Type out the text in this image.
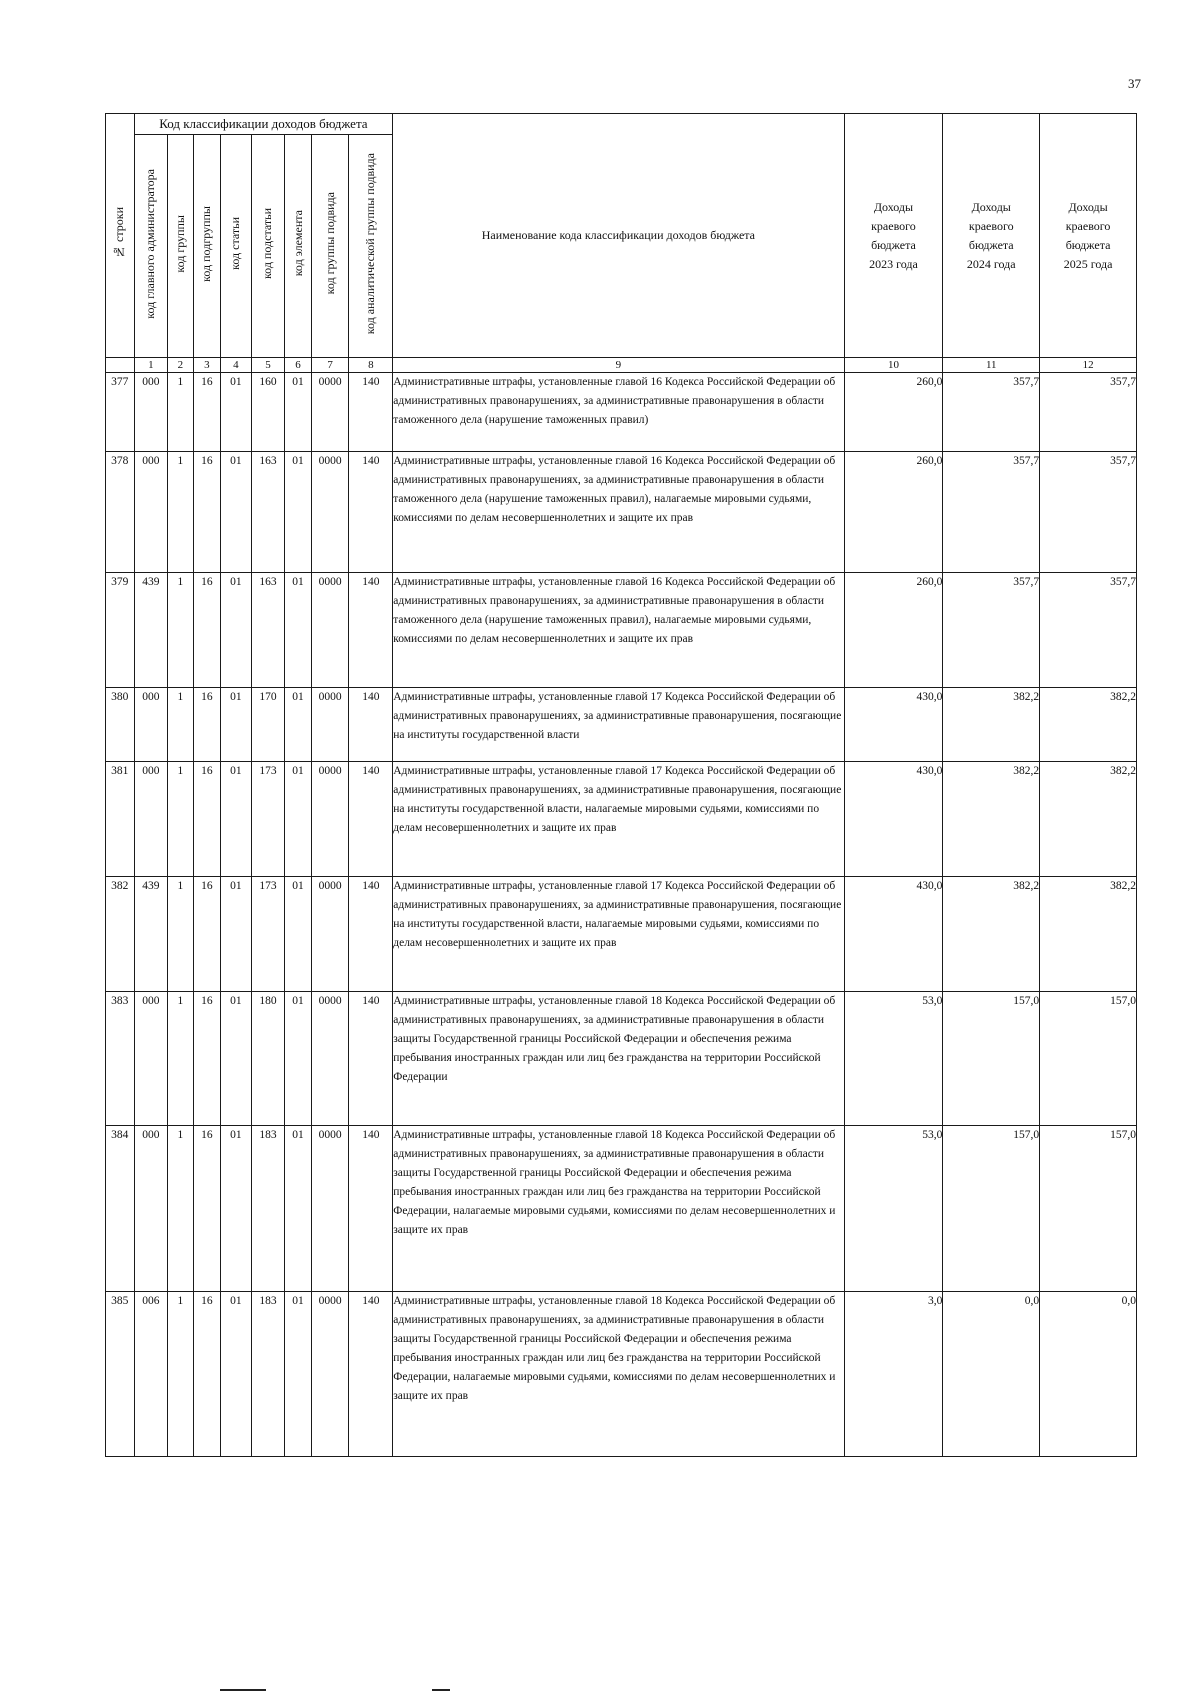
37
№ строки	Код классификации доходов бюджета								Наименование кода классификации доходов бюджета	Доходы
краевого
бюджета
2023 года	Доходы
краевого
бюджета
2024 года	Доходы
краевого
бюджета
2025 года
	код главного администратора	код группы	код подгруппы	код статьи	код подстатьи	код элемента	код группы подвида	код аналитической группы подвида				
	1	2	3	4	5	6	7	8	9	10	11	12
377	000	1	16	01	160	01	0000	140	Административные штрафы, установленные главой 16 Кодекса Российской Федерации об административных правонарушениях, за административные правонарушения в области таможенного дела (нарушение таможенных правил)	260,0	357,7	357,7
378	000	1	16	01	163	01	0000	140	Административные штрафы, установленные главой 16 Кодекса Российской Федерации об административных правонарушениях, за административные правонарушения в области таможенного дела (нарушение таможенных правил), налагаемые мировыми судьями, комиссиями по делам несовершеннолетних и защите их прав	260,0	357,7	357,7
379	439	1	16	01	163	01	0000	140	Административные штрафы, установленные главой 16 Кодекса Российской Федерации об административных правонарушениях, за административные правонарушения в области таможенного дела (нарушение таможенных правил), налагаемые мировыми судьями, комиссиями по делам несовершеннолетних и защите их прав	260,0	357,7	357,7
380	000	1	16	01	170	01	0000	140	Административные штрафы, установленные главой 17 Кодекса Российской Федерации об административных правонарушениях, за административные правонарушения, посягающие на институты государственной власти	430,0	382,2	382,2
381	000	1	16	01	173	01	0000	140	Административные штрафы, установленные главой 17 Кодекса Российской Федерации об административных правонарушениях, за административные правонарушения, посягающие на институты государственной власти, налагаемые мировыми судьями, комиссиями по делам несовершеннолетних и защите их прав	430,0	382,2	382,2
382	439	1	16	01	173	01	0000	140	Административные штрафы, установленные главой 17 Кодекса Российской Федерации об административных правонарушениях, за административные правонарушения, посягающие на институты государственной власти, налагаемые мировыми судьями, комиссиями по делам несовершеннолетних и защите их прав	430,0	382,2	382,2
383	000	1	16	01	180	01	0000	140	Административные штрафы, установленные главой 18 Кодекса Российской Федерации об административных правонарушениях, за административные правонарушения в области защиты Государственной границы Российской Федерации и обеспечения режима пребывания иностранных граждан или лиц без гражданства на территории Российской Федерации	53,0	157,0	157,0
384	000	1	16	01	183	01	0000	140	Административные штрафы, установленные главой 18 Кодекса Российской Федерации об административных правонарушениях, за административные правонарушения в области защиты Государственной границы Российской Федерации и обеспечения режима пребывания иностранных граждан или лиц без гражданства на территории Российской Федерации, налагаемые мировыми судьями, комиссиями по делам несовершеннолетних и защите их прав	53,0	157,0	157,0
385	006	1	16	01	183	01	0000	140	Административные штрафы, установленные главой 18 Кодекса Российской Федерации об административных правонарушениях, за административные правонарушения в области защиты Государственной границы Российской Федерации и обеспечения режима пребывания иностранных граждан или лиц без гражданства на территории Российской Федерации, налагаемые мировыми судьями, комиссиями по делам несовершеннолетних и защите их прав	3,0	0,0	0,0
